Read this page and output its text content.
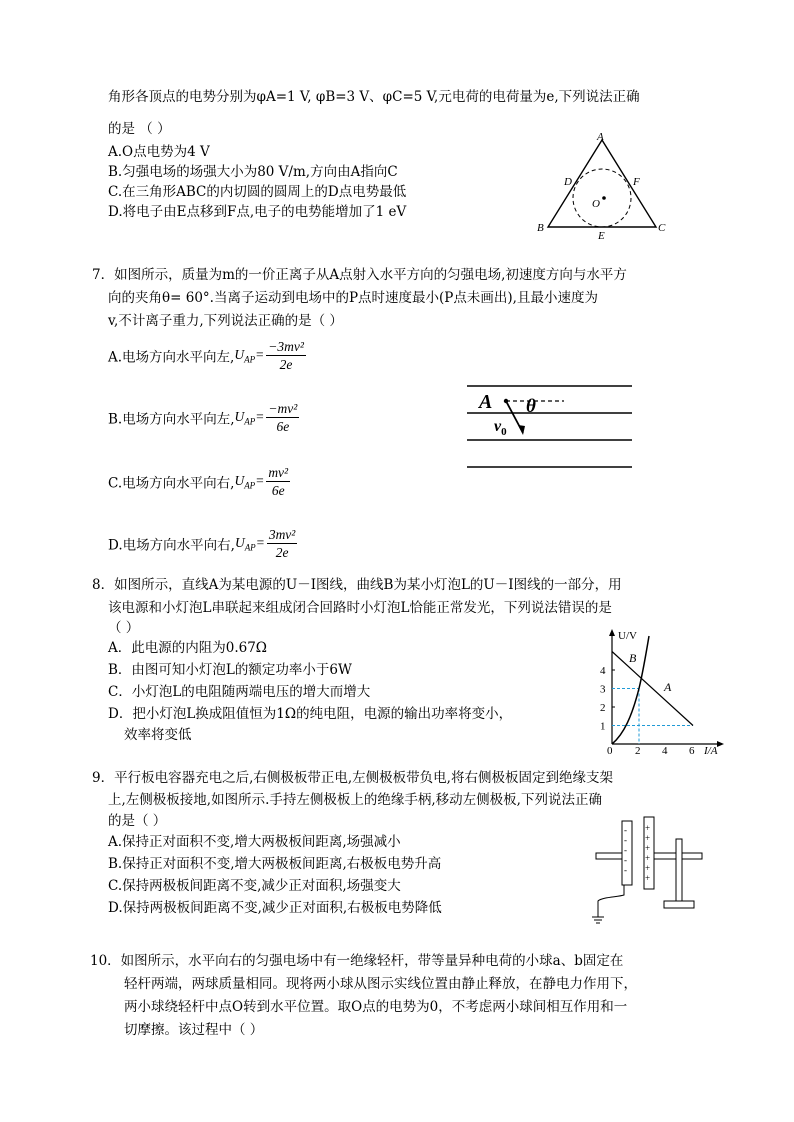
角形各顶点的电势分别为φA=1 V, φB=3 V、φC=5 V,元电荷的电荷量为e,下列说法正确
的是 （ ）
A.O点电势为4 V
B.匀强电场的场强大小为80 V/m,方向由A指向C
C.在三角形ABC的内切圆的圆周上的D点电势最低
D.将电子由E点移到F点,电子的电势能增加了1 eV
A
B	C
D	F
E
O
7．如图所示，质量为m的一价正离子从A点射入水平方向的匀强电场,初速度方向与水平方
向的夹角θ= 60°.当离子运动到电场中的P点时速度最小(P点未画出),且最小速度为
v,不计离子重力,下列说法正确的是（ ）
A.电场方向水平向左$,U_{AP}= \frac{\text{−3mv²}}{2e}$
B.电场方向水平向左$,U_{AP}= \frac{\text{−mv²}}{6e}$
C.电场方向水平向右$,U_{AP}= \frac{\text{mv²}}{6e}$
D.电场方向水平向右$,U_{AP}= \frac{\text{3mv²}}{2e}$
A θ
$v_0$
8．如图所示，直线A为某电源的U－I图线，曲线B为某小灯泡L的U－I图线的一部分，用
该电源和小灯泡L串联起来组成闭合回路时小灯泡L恰能正常发光，下列说法错误的是
（ ）
A．此电源的内阻为0.67Ω
B．由图可知小灯泡L的额定功率小于6W
C．小灯泡L的电阻随两端电压的增大而增大
D．把小灯泡L换成阻值恒为1Ω的纯电阻，电源的输出功率将变小，
效率将变低
U/V
I/A
4
3
2
1
0 2 4 6
B
A
9．平行板电容器充电之后,右侧极板带正电,左侧极板带负电,将右侧极板固定到绝缘支架
上,左侧极板接地,如图所示.手持左侧极板上的绝缘手柄,移动左侧极板,下列说法正确
的是（ ）
A.保持正对面积不变,增大两极板间距离,场强减小
B.保持正对面积不变,增大两极板间距离,右极板电势升高
C.保持两极板间距离不变,减少正对面积,场强变大
D.保持两极板间距离不变,减少正对面积,右极板电势降低
-
-
-
-
-
+
+
+
+
+
+
10．如图所示，水平向右的匀强电场中有一绝缘轻杆，带等量异种电荷的小球a、b固定在
轻杆两端，两球质量相同。现将两小球从图示实线位置由静止释放，在静电力作用下，
两小球绕轻杆中点O转到水平位置。取O点的电势为0，不考虑两小球间相互作用和一
切摩擦。该过程中（ ）
